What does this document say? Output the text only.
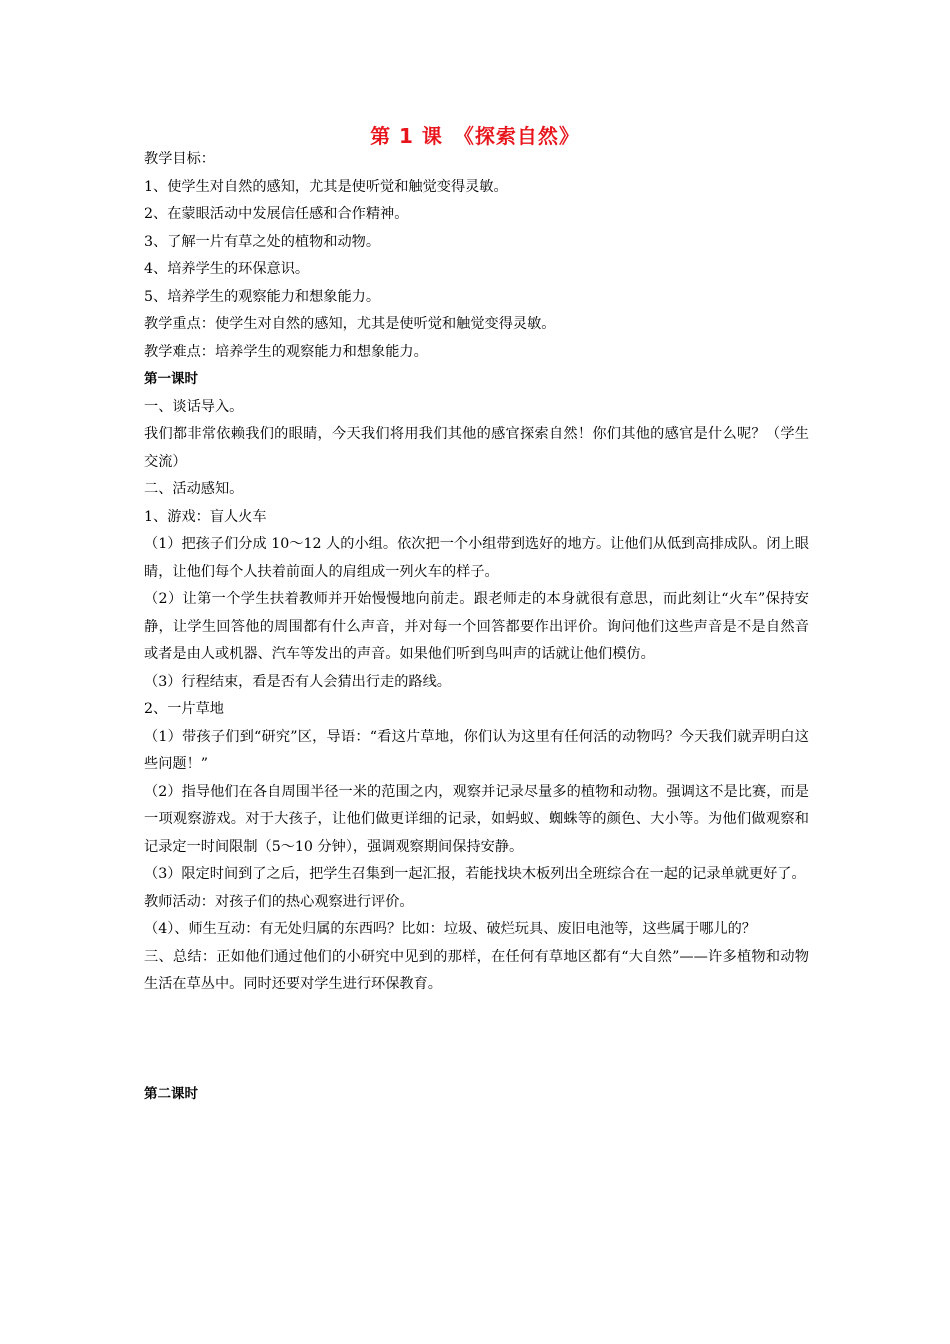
第 1 课　《探索自然》

教学目标：

1、使学生对自然的感知，尤其是使听觉和触觉变得灵敏。

2、在蒙眼活动中发展信任感和合作精神。

3、了解一片有草之处的植物和动物。

4、培养学生的环保意识。

5、培养学生的观察能力和想象能力。

教学重点：使学生对自然的感知，尤其是使听觉和触觉变得灵敏。

教学难点：培养学生的观察能力和想象能力。

第一课时

一、谈话导入。

我们都非常依赖我们的眼睛，今天我们将用我们其他的感官探索自然！你们其他的感官是什么呢？（学生交流）

二、活动感知。

1、游戏：盲人火车

（1）把孩子们分成 10～12 人的小组。依次把一个小组带到选好的地方。让他们从低到高排成队。闭上眼睛，让他们每个人扶着前面人的肩组成一列火车的样子。

（2）让第一个学生扶着教师并开始慢慢地向前走。跟老师走的本身就很有意思，而此刻让“火车”保持安静，让学生回答他的周围都有什么声音，并对每一个回答都要作出评价。询问他们这些声音是不是自然音或者是由人或机器、汽车等发出的声音。如果他们听到鸟叫声的话就让他们模仿。

（3）行程结束，看是否有人会猜出行走的路线。

2、一片草地

（1）带孩子们到“研究”区，导语：“看这片草地，你们认为这里有任何活的动物吗？今天我们就弄明白这些问题！”

（2）指导他们在各自周围半径一米的范围之内，观察并记录尽量多的植物和动物。强调这不是比赛，而是一项观察游戏。对于大孩子，让他们做更详细的记录，如蚂蚁、蜘蛛等的颜色、大小等。为他们做观察和记录定一时间限制（5～10 分钟），强调观察期间保持安静。

（3）限定时间到了之后，把学生召集到一起汇报，若能找块木板列出全班综合在一起的记录单就更好了。

教师活动：对孩子们的热心观察进行评价。

（4）、师生互动：有无处归属的东西吗？比如：垃圾、破烂玩具、废旧电池等，这些属于哪儿的？

三、总结：正如他们通过他们的小研究中见到的那样，在任何有草地区都有“大自然”——许多植物和动物生活在草丛中。同时还要对学生进行环保教育。

第二课时
